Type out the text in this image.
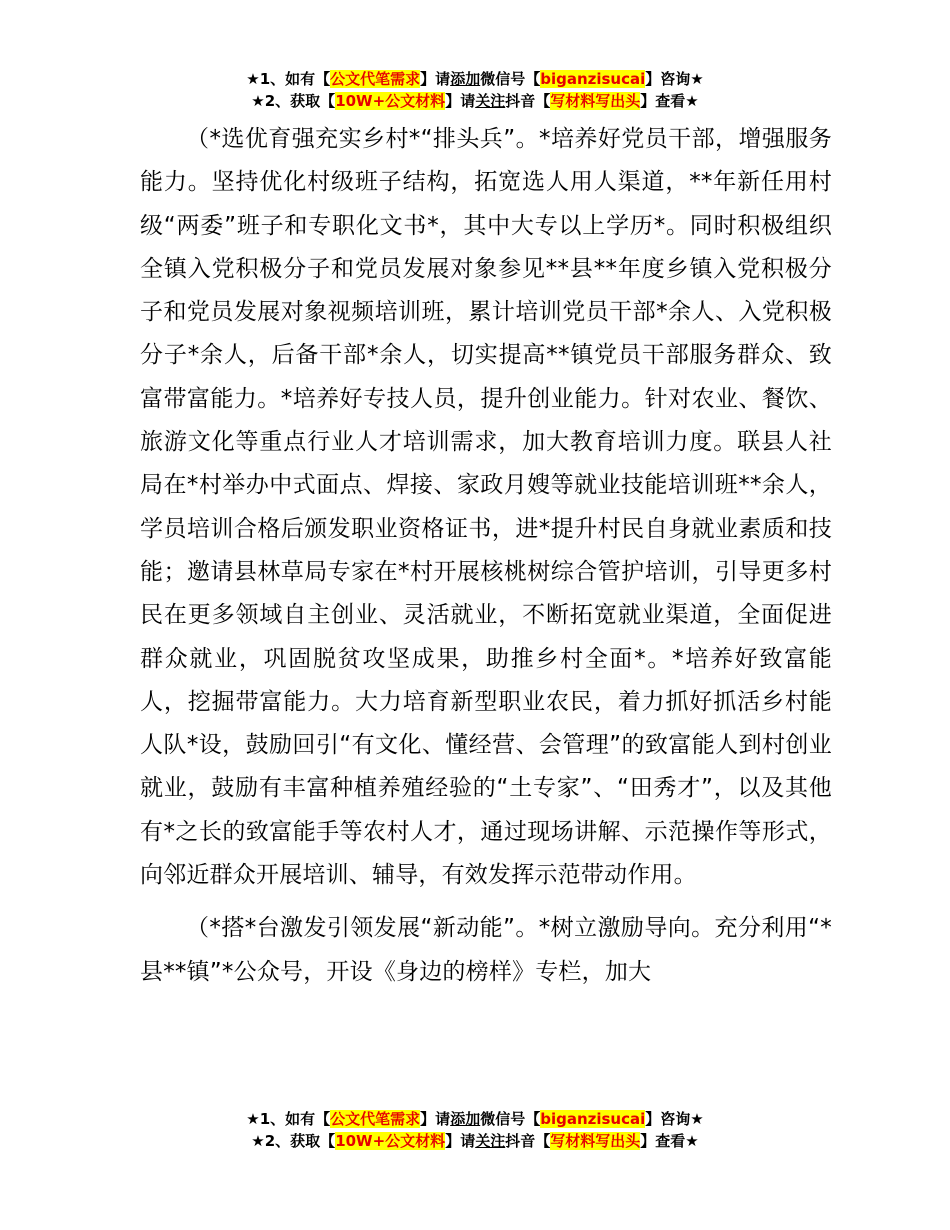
★1、如有【公文代笔需求】请添加微信号【biganzisucai】咨询★
★2、获取【10W+公文材料】请关注抖音【写材料写出头】查看★

（*选优育强充实乡村*“排头兵”。*培养好党员干部，增强服务能力。坚持优化村级班子结构，拓宽选人用人渠道，**年新任用村级“两委”班子和专职化文书*，其中大专以上学历*。同时积极组织全镇入党积极分子和党员发展对象参见**县**年度乡镇入党积极分子和党员发展对象视频培训班，累计培训党员干部*余人、入党积极分子*余人，后备干部*余人，切实提高**镇党员干部服务群众、致富带富能力。*培养好专技人员，提升创业能力。针对农业、餐饮、旅游文化等重点行业人才培训需求，加大教育培训力度。联县人社局在*村举办中式面点、焊接、家政月嫂等就业技能培训班**余人，学员培训合格后颁发职业资格证书，进*提升村民自身就业素质和技能；邀请县林草局专家在*村开展核桃树综合管护培训，引导更多村民在更多领域自主创业、灵活就业，不断拓宽就业渠道，全面促进群众就业，巩固脱贫攻坚成果，助推乡村全面*。*培养好致富能人，挖掘带富能力。大力培育新型职业农民，着力抓好抓活乡村能人队*设，鼓励回引“有文化、懂经营、会管理”的致富能人到村创业就业，鼓励有丰富种植养殖经验的“土专家”、“田秀才”，以及其他有*之长的致富能手等农村人才，通过现场讲解、示范操作等形式，向邻近群众开展培训、辅导，有效发挥示范带动作用。

（*搭*台激发引领发展“新动能”。*树立激励导向。充分利用“*县**镇”*公众号，开设《身边的榜样》专栏，加大

★1、如有【公文代笔需求】请添加微信号【biganzisucai】咨询★
★2、获取【10W+公文材料】请关注抖音【写材料写出头】查看★
